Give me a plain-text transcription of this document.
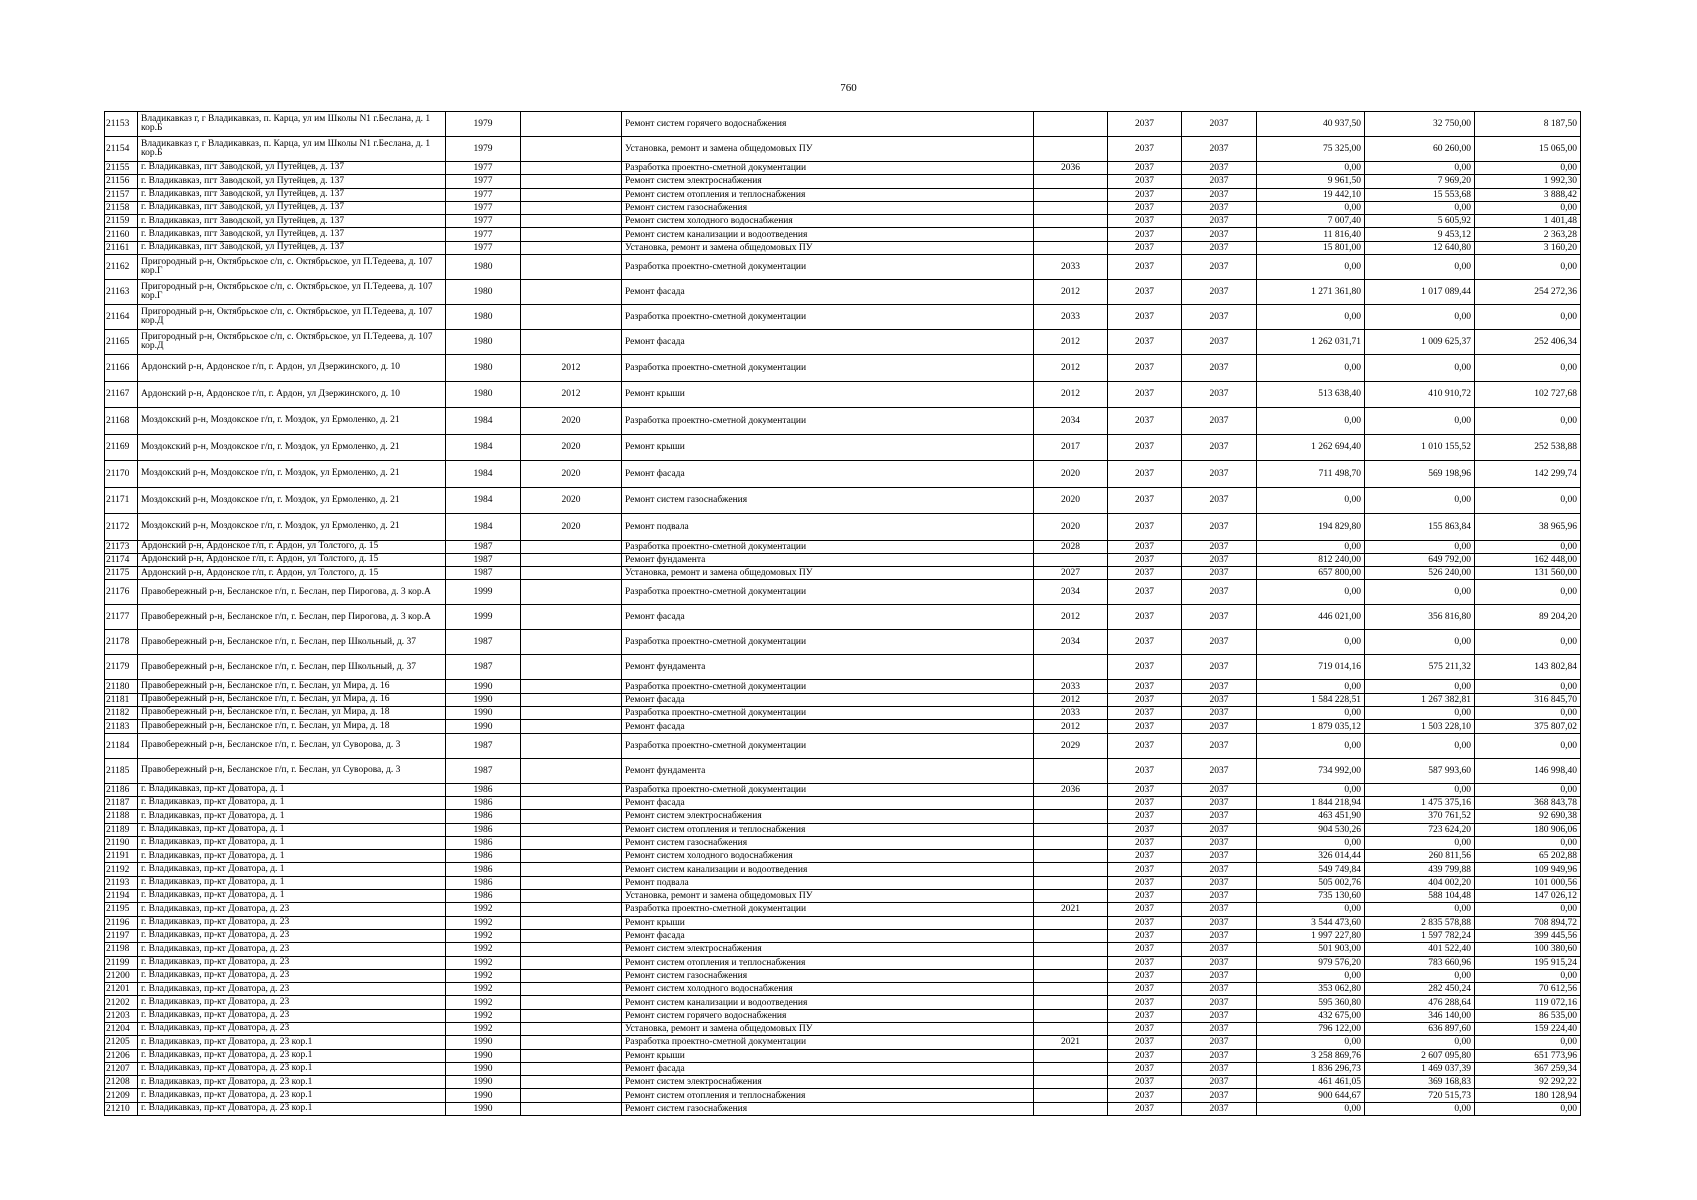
760
21153	Владикавказ г, г Владикавказ, п. Карца, ул им Школы N1 г.Беслана, д. 1 кор.Б	1979		Ремонт систем горячего водоснабжения		2037	2037	40 937,50	32 750,00	8 187,50
21154	Владикавказ г, г Владикавказ, п. Карца, ул им Школы N1 г.Беслана, д. 1 кор.Б	1979		Установка, ремонт и замена общедомовых ПУ		2037	2037	75 325,00	60 260,00	15 065,00
21155	г. Владикавказ, пгт Заводской, ул Путейцев, д. 137	1977		Разработка проектно-сметной документации	2036	2037	2037	0,00	0,00	0,00
21156	г. Владикавказ, пгт Заводской, ул Путейцев, д. 137	1977		Ремонт систем электроснабжения		2037	2037	9 961,50	7 969,20	1 992,30
21157	г. Владикавказ, пгт Заводской, ул Путейцев, д. 137	1977		Ремонт систем отопления и теплоснабжения		2037	2037	19 442,10	15 553,68	3 888,42
21158	г. Владикавказ, пгт Заводской, ул Путейцев, д. 137	1977		Ремонт систем газоснабжения		2037	2037	0,00	0,00	0,00
21159	г. Владикавказ, пгт Заводской, ул Путейцев, д. 137	1977		Ремонт систем холодного водоснабжения		2037	2037	7 007,40	5 605,92	1 401,48
21160	г. Владикавказ, пгт Заводской, ул Путейцев, д. 137	1977		Ремонт систем канализации и водоотведения		2037	2037	11 816,40	9 453,12	2 363,28
21161	г. Владикавказ, пгт Заводской, ул Путейцев, д. 137	1977		Установка, ремонт и замена общедомовых ПУ		2037	2037	15 801,00	12 640,80	3 160,20
21162	Пригородный р-н, Октябрьское с/п, с. Октябрьское, ул П.Тедеева, д. 107 кор.Г	1980		Разработка проектно-сметной документации	2033	2037	2037	0,00	0,00	0,00
21163	Пригородный р-н, Октябрьское с/п, с. Октябрьское, ул П.Тедеева, д. 107 кор.Г	1980		Ремонт фасада	2012	2037	2037	1 271 361,80	1 017 089,44	254 272,36
21164	Пригородный р-н, Октябрьское с/п, с. Октябрьское, ул П.Тедеева, д. 107 кор.Д	1980		Разработка проектно-сметной документации	2033	2037	2037	0,00	0,00	0,00
21165	Пригородный р-н, Октябрьское с/п, с. Октябрьское, ул П.Тедеева, д. 107 кор.Д	1980		Ремонт фасада	2012	2037	2037	1 262 031,71	1 009 625,37	252 406,34
21166	Ардонский р-н, Ардонское г/п, г. Ардон, ул Дзержинского, д. 10	1980	2012	Разработка проектно-сметной документации	2012	2037	2037	0,00	0,00	0,00
21167	Ардонский р-н, Ардонское г/п, г. Ардон, ул Дзержинского, д. 10	1980	2012	Ремонт крыши	2012	2037	2037	513 638,40	410 910,72	102 727,68
21168	Моздокский р-н, Моздокское г/п, г. Моздок, ул Ермоленко, д. 21	1984	2020	Разработка проектно-сметной документации	2034	2037	2037	0,00	0,00	0,00
21169	Моздокский р-н, Моздокское г/п, г. Моздок, ул Ермоленко, д. 21	1984	2020	Ремонт крыши	2017	2037	2037	1 262 694,40	1 010 155,52	252 538,88
21170	Моздокский р-н, Моздокское г/п, г. Моздок, ул Ермоленко, д. 21	1984	2020	Ремонт фасада	2020	2037	2037	711 498,70	569 198,96	142 299,74
21171	Моздокский р-н, Моздокское г/п, г. Моздок, ул Ермоленко, д. 21	1984	2020	Ремонт систем газоснабжения	2020	2037	2037	0,00	0,00	0,00
21172	Моздокский р-н, Моздокское г/п, г. Моздок, ул Ермоленко, д. 21	1984	2020	Ремонт подвала	2020	2037	2037	194 829,80	155 863,84	38 965,96
21173	Ардонский р-н, Ардонское г/п, г. Ардон, ул Толстого, д. 15	1987		Разработка проектно-сметной документации	2028	2037	2037	0,00	0,00	0,00
21174	Ардонский р-н, Ардонское г/п, г. Ардон, ул Толстого, д. 15	1987		Ремонт фундамента		2037	2037	812 240,00	649 792,00	162 448,00
21175	Ардонский р-н, Ардонское г/п, г. Ардон, ул Толстого, д. 15	1987		Установка, ремонт и замена общедомовых ПУ	2027	2037	2037	657 800,00	526 240,00	131 560,00
21176	Правобережный р-н, Беcланское г/п, г. Беслан, пер Пирогова, д. 3 кор.А	1999		Разработка проектно-сметной документации	2034	2037	2037	0,00	0,00	0,00
21177	Правобережный р-н, Беcланское г/п, г. Беслан, пер Пирогова, д. 3 кор.А	1999		Ремонт фасада	2012	2037	2037	446 021,00	356 816,80	89 204,20
21178	Правобережный р-н, Беcланское г/п, г. Беслан, пер Школьный, д. 37	1987		Разработка проектно-сметной документации	2034	2037	2037	0,00	0,00	0,00
21179	Правобережный р-н, Беcланское г/п, г. Беслан, пер Школьный, д. 37	1987		Ремонт фундамента		2037	2037	719 014,16	575 211,32	143 802,84
21180	Правобережный р-н, Беcланское г/п, г. Беслан, ул Мира, д. 16	1990		Разработка проектно-сметной документации	2033	2037	2037	0,00	0,00	0,00
21181	Правобережный р-н, Беcланское г/п, г. Беслан, ул Мира, д. 16	1990		Ремонт фасада	2012	2037	2037	1 584 228,51	1 267 382,81	316 845,70
21182	Правобережный р-н, Беcланское г/п, г. Беслан, ул Мира, д. 18	1990		Разработка проектно-сметной документации	2033	2037	2037	0,00	0,00	0,00
21183	Правобережный р-н, Беcланское г/п, г. Беслан, ул Мира, д. 18	1990		Ремонт фасада	2012	2037	2037	1 879 035,12	1 503 228,10	375 807,02
21184	Правобережный р-н, Беcланское г/п, г. Беслан, ул Суворова, д. 3	1987		Разработка проектно-сметной документации	2029	2037	2037	0,00	0,00	0,00
21185	Правобережный р-н, Беcланское г/п, г. Беслан, ул Суворова, д. 3	1987		Ремонт фундамента		2037	2037	734 992,00	587 993,60	146 998,40
21186	г. Владикавказ, пр-кт Доватора, д. 1	1986		Разработка проектно-сметной документации	2036	2037	2037	0,00	0,00	0,00
21187	г. Владикавказ, пр-кт Доватора, д. 1	1986		Ремонт фасада		2037	2037	1 844 218,94	1 475 375,16	368 843,78
21188	г. Владикавказ, пр-кт Доватора, д. 1	1986		Ремонт систем электроснабжения		2037	2037	463 451,90	370 761,52	92 690,38
21189	г. Владикавказ, пр-кт Доватора, д. 1	1986		Ремонт систем отопления и теплоснабжения		2037	2037	904 530,26	723 624,20	180 906,06
21190	г. Владикавказ, пр-кт Доватора, д. 1	1986		Ремонт систем газоснабжения		2037	2037	0,00	0,00	0,00
21191	г. Владикавказ, пр-кт Доватора, д. 1	1986		Ремонт систем холодного водоснабжения		2037	2037	326 014,44	260 811,56	65 202,88
21192	г. Владикавказ, пр-кт Доватора, д. 1	1986		Ремонт систем канализации и водоотведения		2037	2037	549 749,84	439 799,88	109 949,96
21193	г. Владикавказ, пр-кт Доватора, д. 1	1986		Ремонт подвала		2037	2037	505 002,76	404 002,20	101 000,56
21194	г. Владикавказ, пр-кт Доватора, д. 1	1986		Установка, ремонт и замена общедомовых ПУ		2037	2037	735 130,60	588 104,48	147 026,12
21195	г. Владикавказ, пр-кт Доватора, д. 23	1992		Разработка проектно-сметной документации	2021	2037	2037	0,00	0,00	0,00
21196	г. Владикавказ, пр-кт Доватора, д. 23	1992		Ремонт крыши		2037	2037	3 544 473,60	2 835 578,88	708 894,72
21197	г. Владикавказ, пр-кт Доватора, д. 23	1992		Ремонт фасада		2037	2037	1 997 227,80	1 597 782,24	399 445,56
21198	г. Владикавказ, пр-кт Доватора, д. 23	1992		Ремонт систем электроснабжения		2037	2037	501 903,00	401 522,40	100 380,60
21199	г. Владикавказ, пр-кт Доватора, д. 23	1992		Ремонт систем отопления и теплоснабжения		2037	2037	979 576,20	783 660,96	195 915,24
21200	г. Владикавказ, пр-кт Доватора, д. 23	1992		Ремонт систем газоснабжения		2037	2037	0,00	0,00	0,00
21201	г. Владикавказ, пр-кт Доватора, д. 23	1992		Ремонт систем холодного водоснабжения		2037	2037	353 062,80	282 450,24	70 612,56
21202	г. Владикавказ, пр-кт Доватора, д. 23	1992		Ремонт систем канализации и водоотведения		2037	2037	595 360,80	476 288,64	119 072,16
21203	г. Владикавказ, пр-кт Доватора, д. 23	1992		Ремонт систем горячего водоснабжения		2037	2037	432 675,00	346 140,00	86 535,00
21204	г. Владикавказ, пр-кт Доватора, д. 23	1992		Установка, ремонт и замена общедомовых ПУ		2037	2037	796 122,00	636 897,60	159 224,40
21205	г. Владикавказ, пр-кт Доватора, д. 23 кор.1	1990		Разработка проектно-сметной документации	2021	2037	2037	0,00	0,00	0,00
21206	г. Владикавказ, пр-кт Доватора, д. 23 кор.1	1990		Ремонт крыши		2037	2037	3 258 869,76	2 607 095,80	651 773,96
21207	г. Владикавказ, пр-кт Доватора, д. 23 кор.1	1990		Ремонт фасада		2037	2037	1 836 296,73	1 469 037,39	367 259,34
21208	г. Владикавказ, пр-кт Доватора, д. 23 кор.1	1990		Ремонт систем электроснабжения		2037	2037	461 461,05	369 168,83	92 292,22
21209	г. Владикавказ, пр-кт Доватора, д. 23 кор.1	1990		Ремонт систем отопления и теплоснабжения		2037	2037	900 644,67	720 515,73	180 128,94
21210	г. Владикавказ, пр-кт Доватора, д. 23 кор.1	1990		Ремонт систем газоснабжения		2037	2037	0,00	0,00	0,00
